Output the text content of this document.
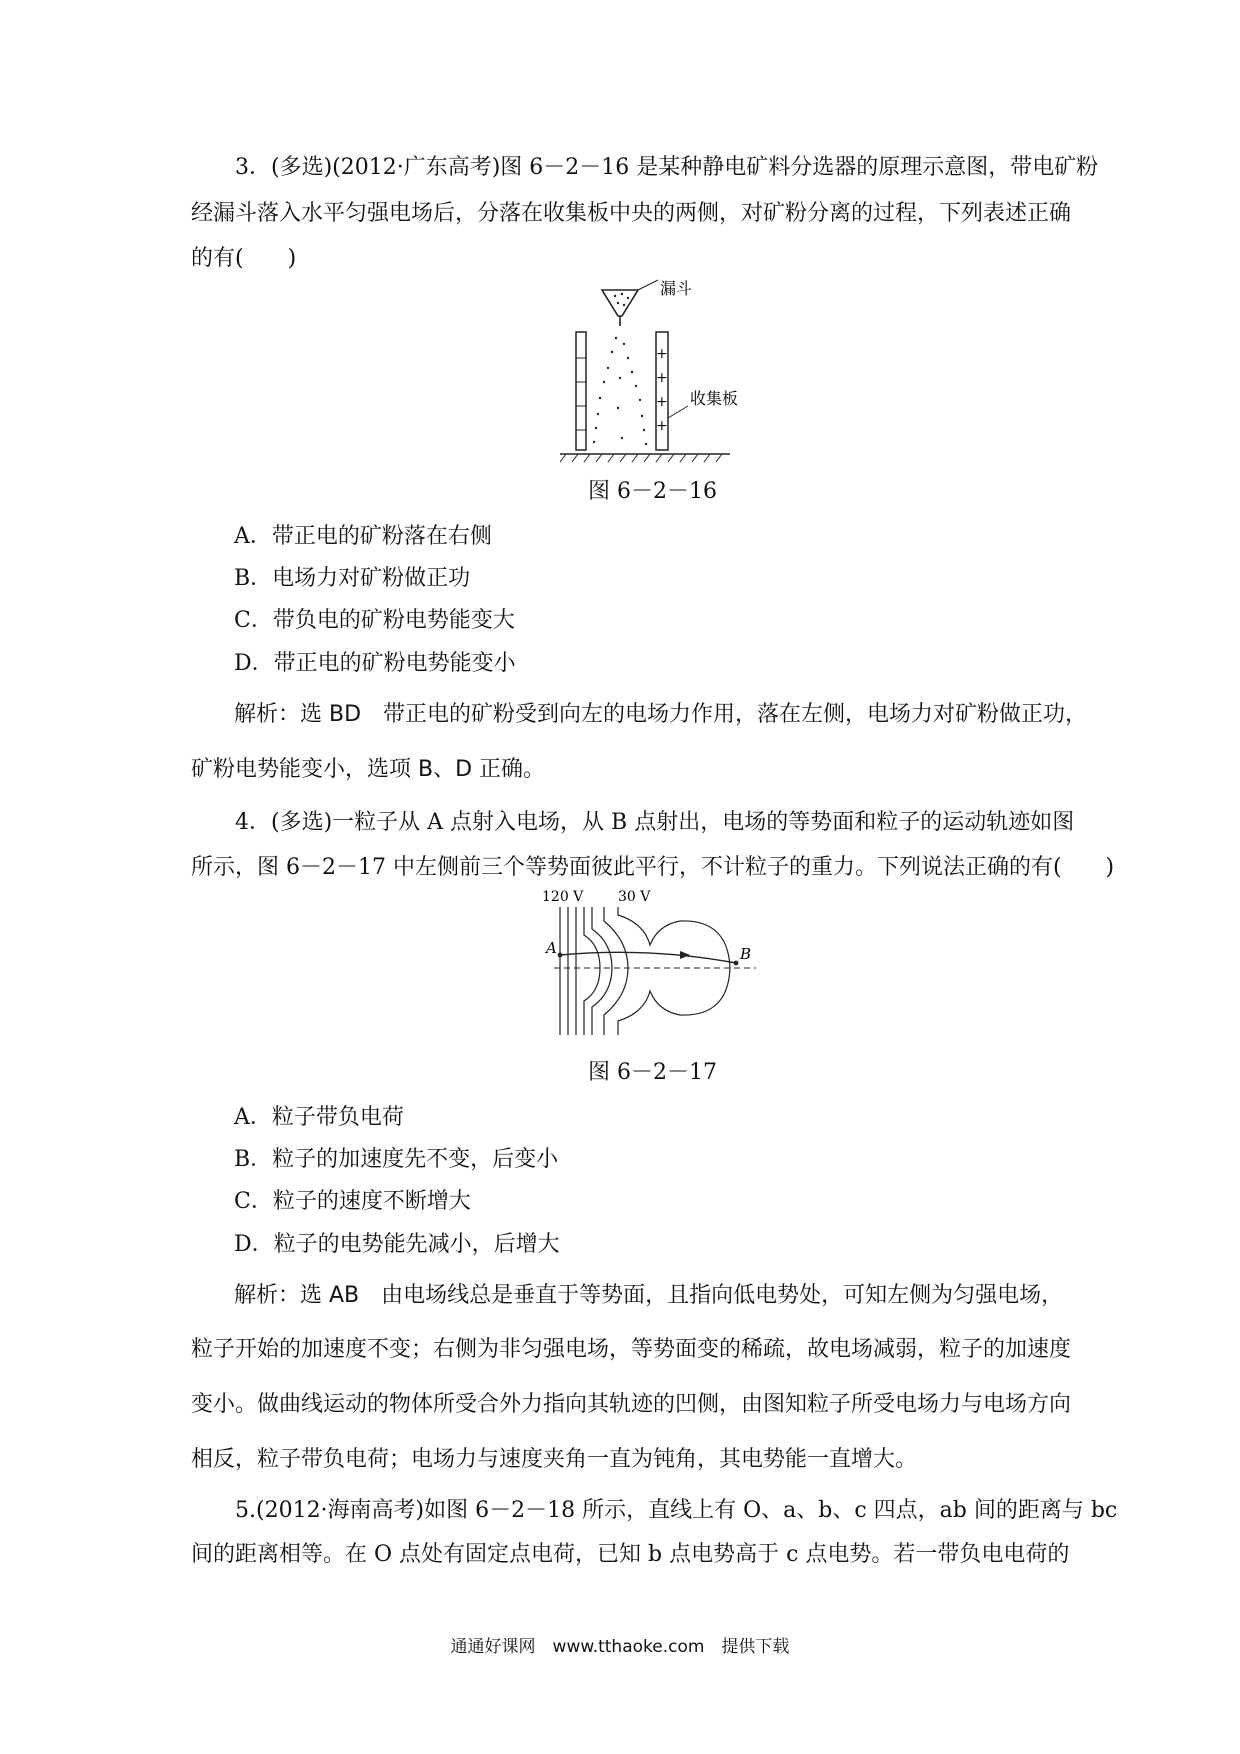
3．(多选)(2012·广东高考)图 6－2－16 是某种静电矿料分选器的原理示意图，带电矿粉
经漏斗落入水平匀强电场后，分落在收集板中央的两侧，对矿粉分离的过程，下列表述正确
的有(　　)
漏斗
+
+
+
+
收集板
图 6－2－16
A．带正电的矿粉落在右侧
B．电场力对矿粉做正功
C．带负电的矿粉电势能变大
D．带正电的矿粉电势能变小
解析：选 BD　带正电的矿粉受到向左的电场力作用，落在左侧，电场力对矿粉做正功，
矿粉电势能变小，选项 B、D 正确。
4．(多选)一粒子从 A 点射入电场，从 B 点射出，电场的等势面和粒子的运动轨迹如图
所示，图 6－2－17 中左侧前三个等势面彼此平行，不计粒子的重力。下列说法正确的有(　　)
120 V 30 V
A	B
图 6－2－17
A．粒子带负电荷
B．粒子的加速度先不变，后变小
C．粒子的速度不断增大
D．粒子的电势能先减小，后增大
解析：选 AB　由电场线总是垂直于等势面，且指向低电势处，可知左侧为匀强电场，
粒子开始的加速度不变；右侧为非匀强电场，等势面变的稀疏，故电场减弱，粒子的加速度
变小。做曲线运动的物体所受合外力指向其轨迹的凹侧，由图知粒子所受电场力与电场方向
相反，粒子带负电荷；电场力与速度夹角一直为钝角，其电势能一直增大。
5.(2012·海南高考)如图 6－2－18 所示，直线上有 O、a、b、c 四点，ab 间的距离与 bc
间的距离相等。在 O 点处有固定点电荷，已知 b 点电势高于 c 点电势。若一带负电电荷的
通通好课网　www.tthaoke.com　提供下载
